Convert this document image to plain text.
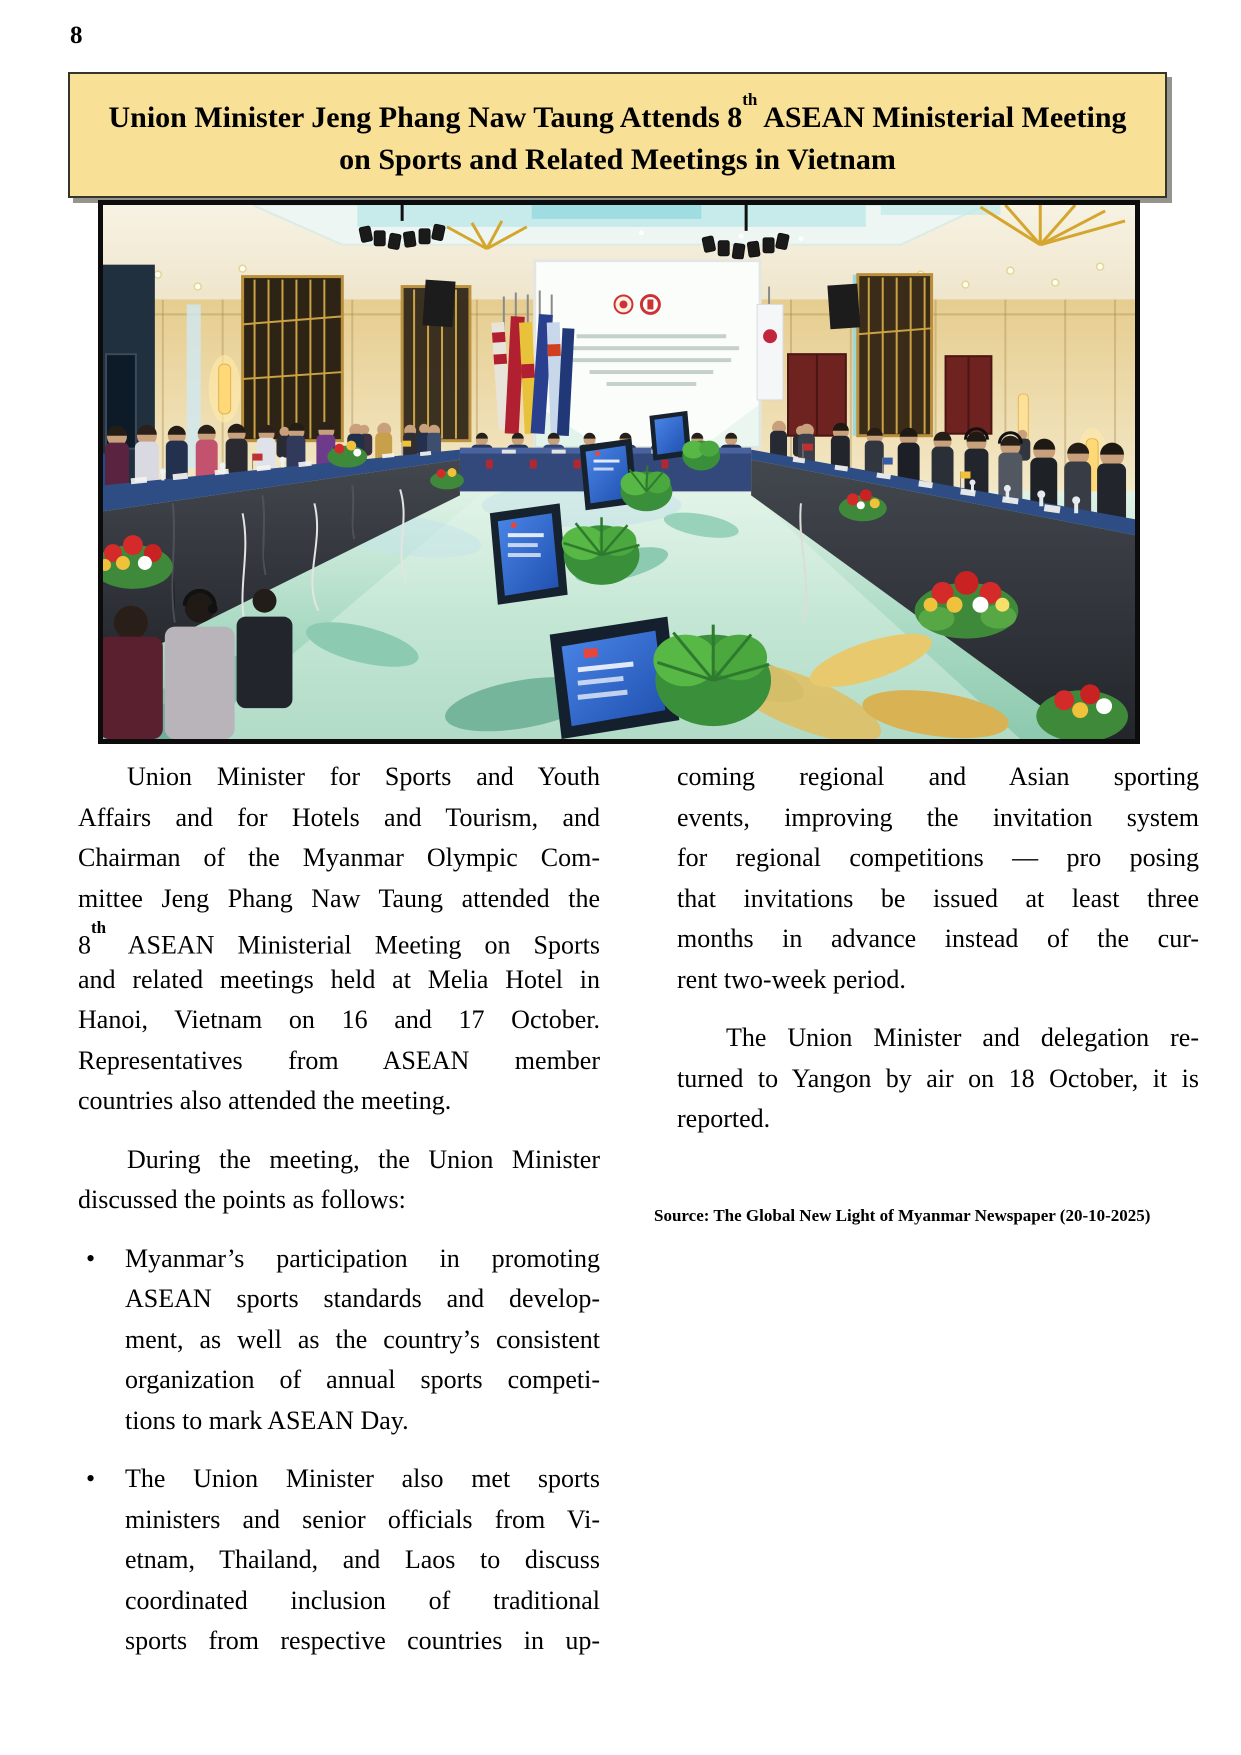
8
Union Minister Jeng Phang Naw Taung Attends 8th ASEAN Ministerial Meeting
on Sports and Related Meetings in Vietnam
Union Minister for Sports and Youth
Affairs and for Hotels and Tourism, and
Chairman of the Myanmar Olympic Com-
mittee Jeng Phang Naw Taung attended the
8th ASEAN Ministerial Meeting on Sports
and related meetings held at Melia Hotel in
Hanoi, Vietnam on 16 and 17 October.
Representatives from ASEAN member
countries also attended the meeting.
During the meeting, the Union Minister
discussed the points as follows:
• Myanmar’s participation in promoting
ASEAN sports standards and develop-
ment, as well as the country’s consistent
organization of annual sports competi-
tions to mark ASEAN Day.
• The Union Minister also met sports
ministers and senior officials from Vi-
etnam, Thailand, and Laos to discuss
coordinated inclusion of traditional
sports from respective countries in up-
coming regional and Asian sporting
events, improving the invitation system
for regional competitions — pro posing
that invitations be issued at least three
months in advance instead of the cur-
rent two-week period.
The Union Minister and delegation re-
turned to Yangon by air on 18 October, it is
reported.
Source: The Global New Light of Myanmar Newspaper (20-10-2025)
